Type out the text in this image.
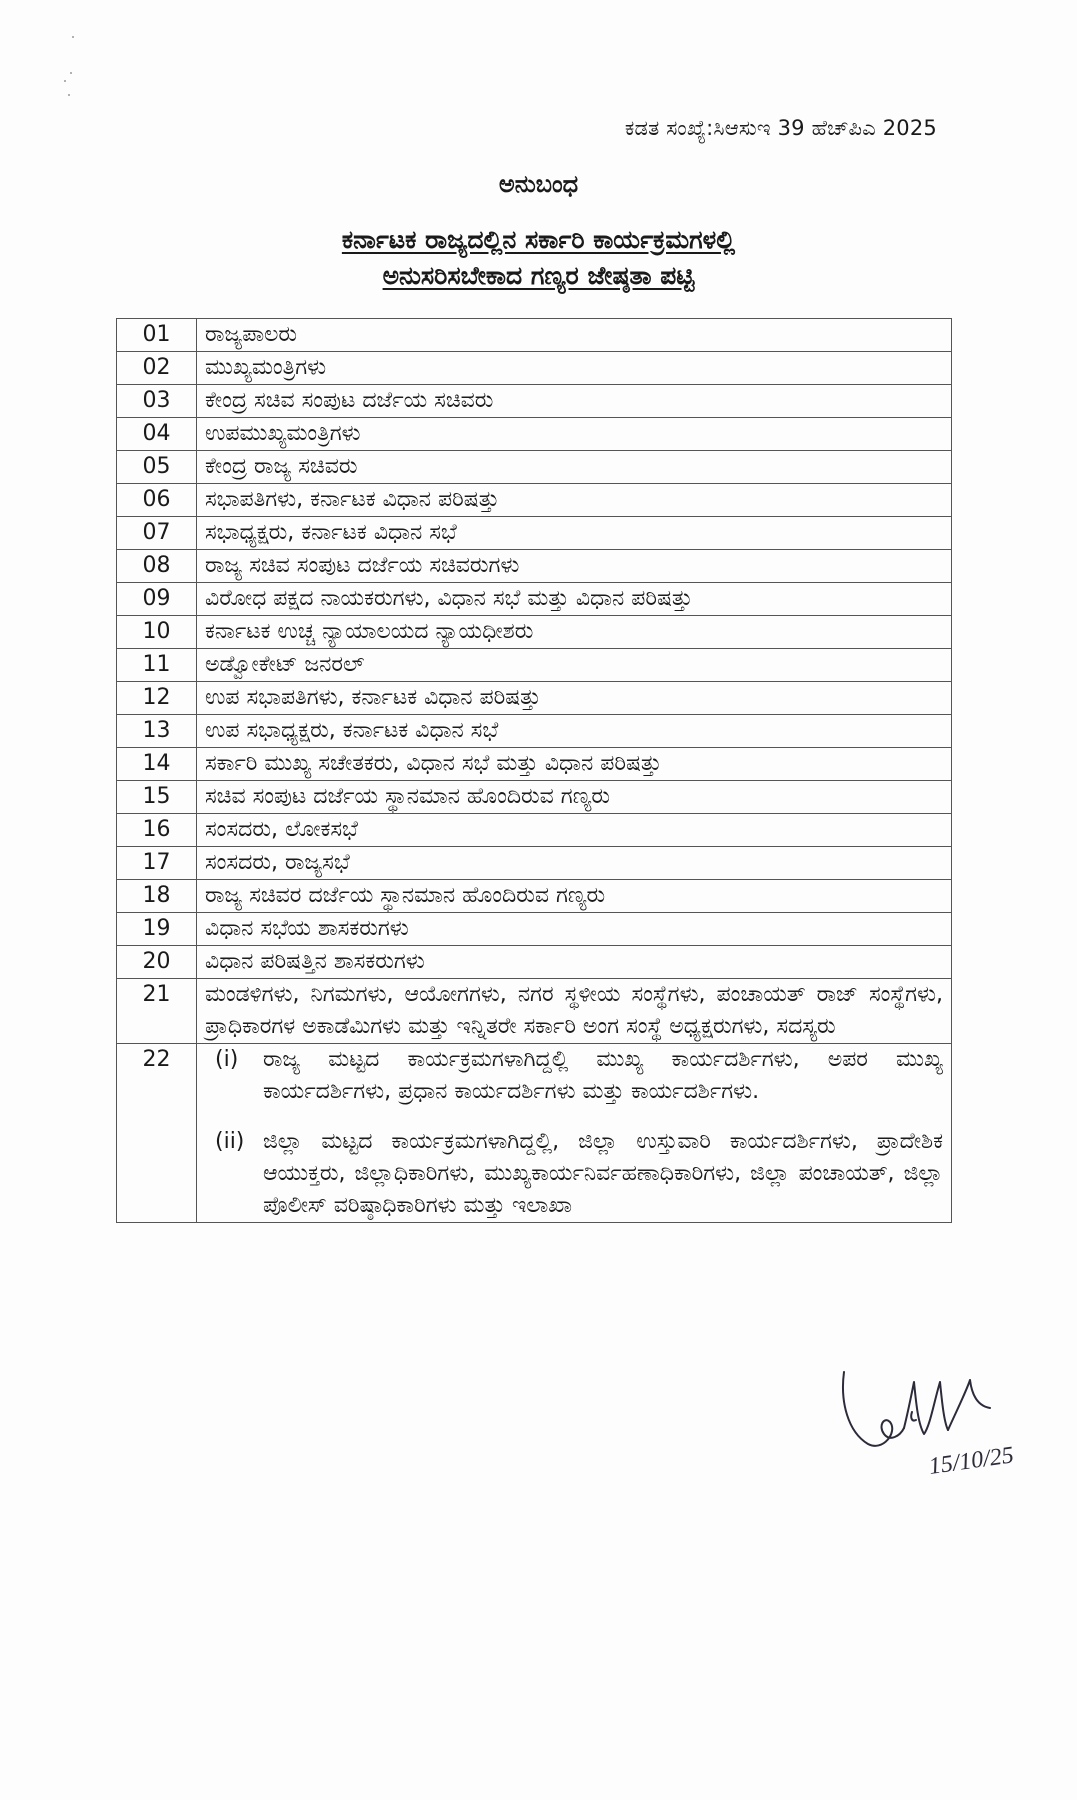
ಕಡತ ಸಂಖ್ಯೆ:ಸಿಆಸುಇ 39 ಹೆಚ್‌ಪಿಎ 2025
ಅನುಬಂಧ
ಕರ್ನಾಟಕ ರಾಜ್ಯದಲ್ಲಿನ ಸರ್ಕಾರಿ ಕಾರ್ಯಕ್ರಮಗಳಲ್ಲಿ
ಅನುಸರಿಸಬೇಕಾದ ಗಣ್ಯರ ಜೇಷ್ಠತಾ ಪಟ್ಟಿ
01	ರಾಜ್ಯಪಾಲರು
02	ಮುಖ್ಯಮಂತ್ರಿಗಳು
03	ಕೇಂದ್ರ ಸಚಿವ ಸಂಪುಟ ದರ್ಜೆಯ ಸಚಿವರು
04	ಉಪಮುಖ್ಯಮಂತ್ರಿಗಳು
05	ಕೇಂದ್ರ ರಾಜ್ಯ ಸಚಿವರು
06	ಸಭಾಪತಿಗಳು, ಕರ್ನಾಟಕ ವಿಧಾನ ಪರಿಷತ್ತು
07	ಸಭಾಧ್ಯಕ್ಷರು, ಕರ್ನಾಟಕ ವಿಧಾನ ಸಭೆ
08	ರಾಜ್ಯ ಸಚಿವ ಸಂಪುಟ ದರ್ಜೆಯ ಸಚಿವರುಗಳು
09	ವಿರೋಧ ಪಕ್ಷದ ನಾಯಕರುಗಳು, ವಿಧಾನ ಸಭೆ ಮತ್ತು ವಿಧಾನ ಪರಿಷತ್ತು
10	ಕರ್ನಾಟಕ ಉಚ್ಚ ನ್ಯಾಯಾಲಯದ ನ್ಯಾಯಧೀಶರು
11	ಅಡ್ವೋಕೇಟ್ ಜನರಲ್
12	ಉಪ ಸಭಾಪತಿಗಳು, ಕರ್ನಾಟಕ ವಿಧಾನ ಪರಿಷತ್ತು
13	ಉಪ ಸಭಾಧ್ಯಕ್ಷರು, ಕರ್ನಾಟಕ ವಿಧಾನ ಸಭೆ
14	ಸರ್ಕಾರಿ ಮುಖ್ಯ ಸಚೇತಕರು, ವಿಧಾನ ಸಭೆ ಮತ್ತು ವಿಧಾನ ಪರಿಷತ್ತು
15	ಸಚಿವ ಸಂಪುಟ ದರ್ಜೆಯ ಸ್ಥಾನಮಾನ ಹೊಂದಿರುವ ಗಣ್ಯರು
16	ಸಂಸದರು, ಲೋಕಸಭೆ
17	ಸಂಸದರು, ರಾಜ್ಯಸಭೆ
18	ರಾಜ್ಯ ಸಚಿವರ ದರ್ಜೆಯ ಸ್ಥಾನಮಾನ ಹೊಂದಿರುವ ಗಣ್ಯರು
19	ವಿಧಾನ ಸಭೆಯ ಶಾಸಕರುಗಳು
20	ವಿಧಾನ ಪರಿಷತ್ತಿನ ಶಾಸಕರುಗಳು
21	ಮಂಡಳಿಗಳು, ನಿಗಮಗಳು, ಆಯೋಗಗಳು, ನಗರ ಸ್ಥಳೀಯ ಸಂಸ್ಥೆಗಳು, ಪಂಚಾಯತ್ ರಾಜ್ ಸಂಸ್ಥೆಗಳು, ಪ್ರಾಧಿಕಾರಗಳ ಅಕಾಡೆಮಿಗಳು ಮತ್ತು ಇನ್ನಿತರೇ ಸರ್ಕಾರಿ ಅಂಗ ಸಂಸ್ಥೆ ಅಧ್ಯಕ್ಷರುಗಳು, ಸದಸ್ಯರು
22	(i) ರಾಜ್ಯ ಮಟ್ಟದ ಕಾರ್ಯಕ್ರಮಗಳಾಗಿದ್ದಲ್ಲಿ ಮುಖ್ಯ ಕಾರ್ಯದರ್ಶಿಗಳು, ಅಪರ ಮುಖ್ಯ ಕಾರ್ಯದರ್ಶಿಗಳು, ಪ್ರಧಾನ ಕಾರ್ಯದರ್ಶಿಗಳು ಮತ್ತು ಕಾರ್ಯದರ್ಶಿಗಳು.
(ii) ಜಿಲ್ಲಾ ಮಟ್ಟದ ಕಾರ್ಯಕ್ರಮಗಳಾಗಿದ್ದಲ್ಲಿ, ಜಿಲ್ಲಾ ಉಸ್ತುವಾರಿ ಕಾರ್ಯದರ್ಶಿಗಳು, ಪ್ರಾದೇಶಿಕ ಆಯುಕ್ತರು, ಜಿಲ್ಲಾಧಿಕಾರಿಗಳು, ಮುಖ್ಯಕಾರ್ಯನಿರ್ವಹಣಾಧಿಕಾರಿಗಳು, ಜಿಲ್ಲಾ ಪಂಚಾಯತ್, ಜಿಲ್ಲಾ ಪೊಲೀಸ್ ವರಿಷ್ಠಾಧಿಕಾರಿಗಳು ಮತ್ತು ಇಲಾಖಾ
15/10/25
